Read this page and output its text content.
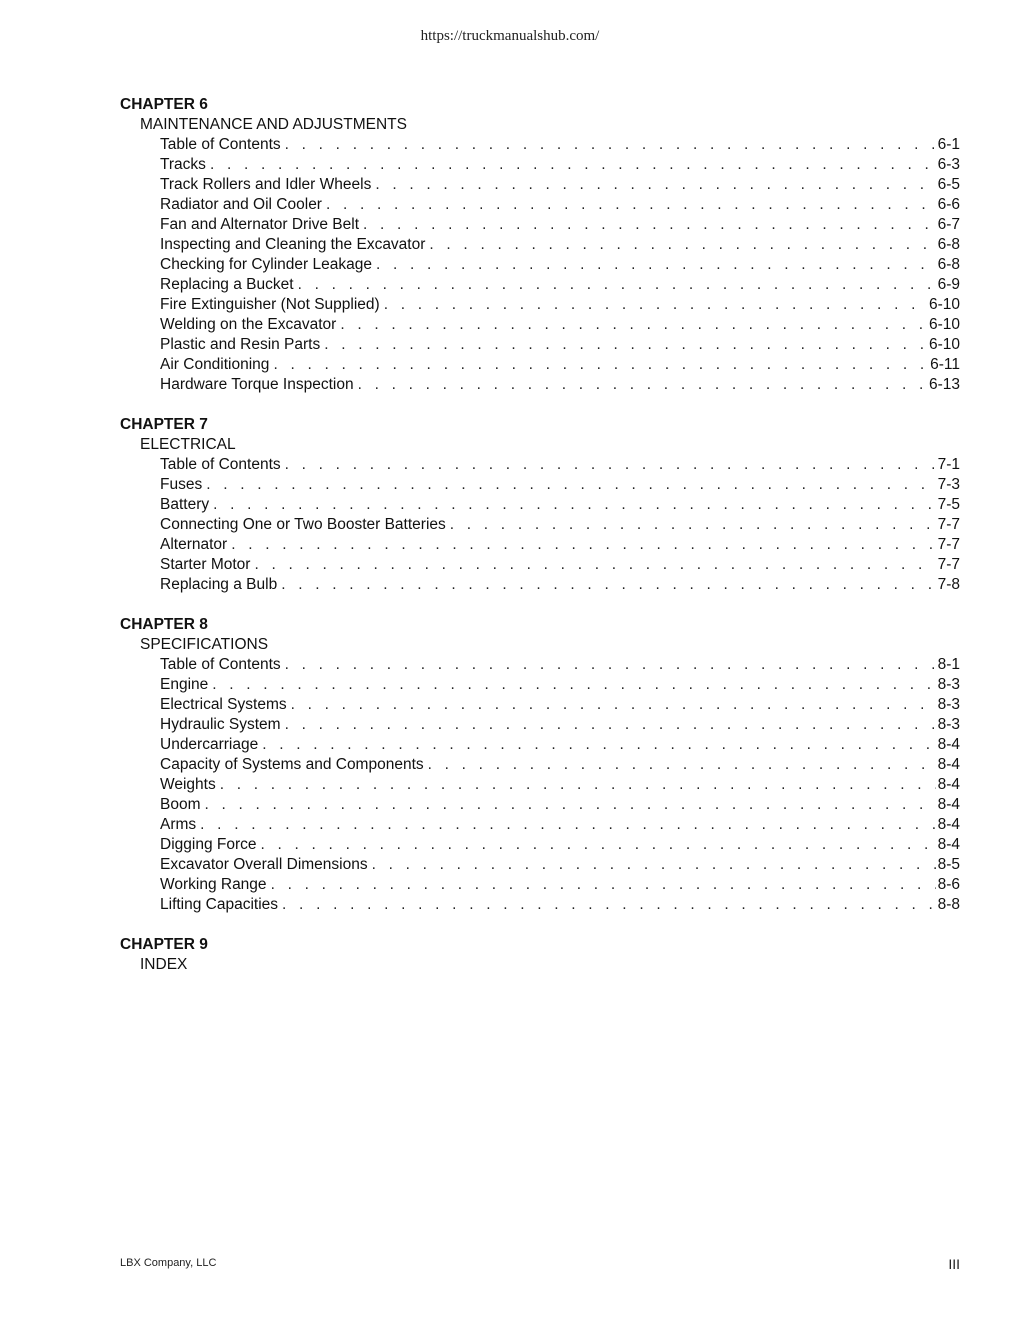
https://truckmanualshub.com/
CHAPTER 6
MAINTENANCE AND ADJUSTMENTS
Table of Contents . . .	6-1
Tracks . . .	6-3
Track Rollers and Idler Wheels . . .	6-5
Radiator and Oil Cooler . . .	6-6
Fan and Alternator Drive Belt . . .	6-7
Inspecting and Cleaning the Excavator . . .	6-8
Checking for Cylinder Leakage . . .	6-8
Replacing a Bucket . . .	6-9
Fire Extinguisher (Not Supplied) . . .	6-10
Welding on the Excavator . . .	6-10
Plastic and Resin Parts . . .	6-10
Air Conditioning . . .	6-11
Hardware Torque Inspection . . .	6-13
CHAPTER 7
ELECTRICAL
Table of Contents . . .	7-1
Fuses . . .	7-3
Battery . . .	7-5
Connecting One or Two Booster Batteries . . .	7-7
Alternator . . .	7-7
Starter Motor . . .	7-7
Replacing a Bulb . . .	7-8
CHAPTER 8
SPECIFICATIONS
Table of Contents . . .	8-1
Engine . . .	8-3
Electrical Systems . . .	8-3
Hydraulic System . . .	8-3
Undercarriage . . .	8-4
Capacity of Systems and Components . . .	8-4
Weights . . .	8-4
Boom . . .	8-4
Arms . . .	8-4
Digging Force . . .	8-4
Excavator Overall Dimensions . . .	8-5
Working Range . . .	8-6
Lifting Capacities . . .	8-8
CHAPTER 9
INDEX
LBX Company, LLC	III
